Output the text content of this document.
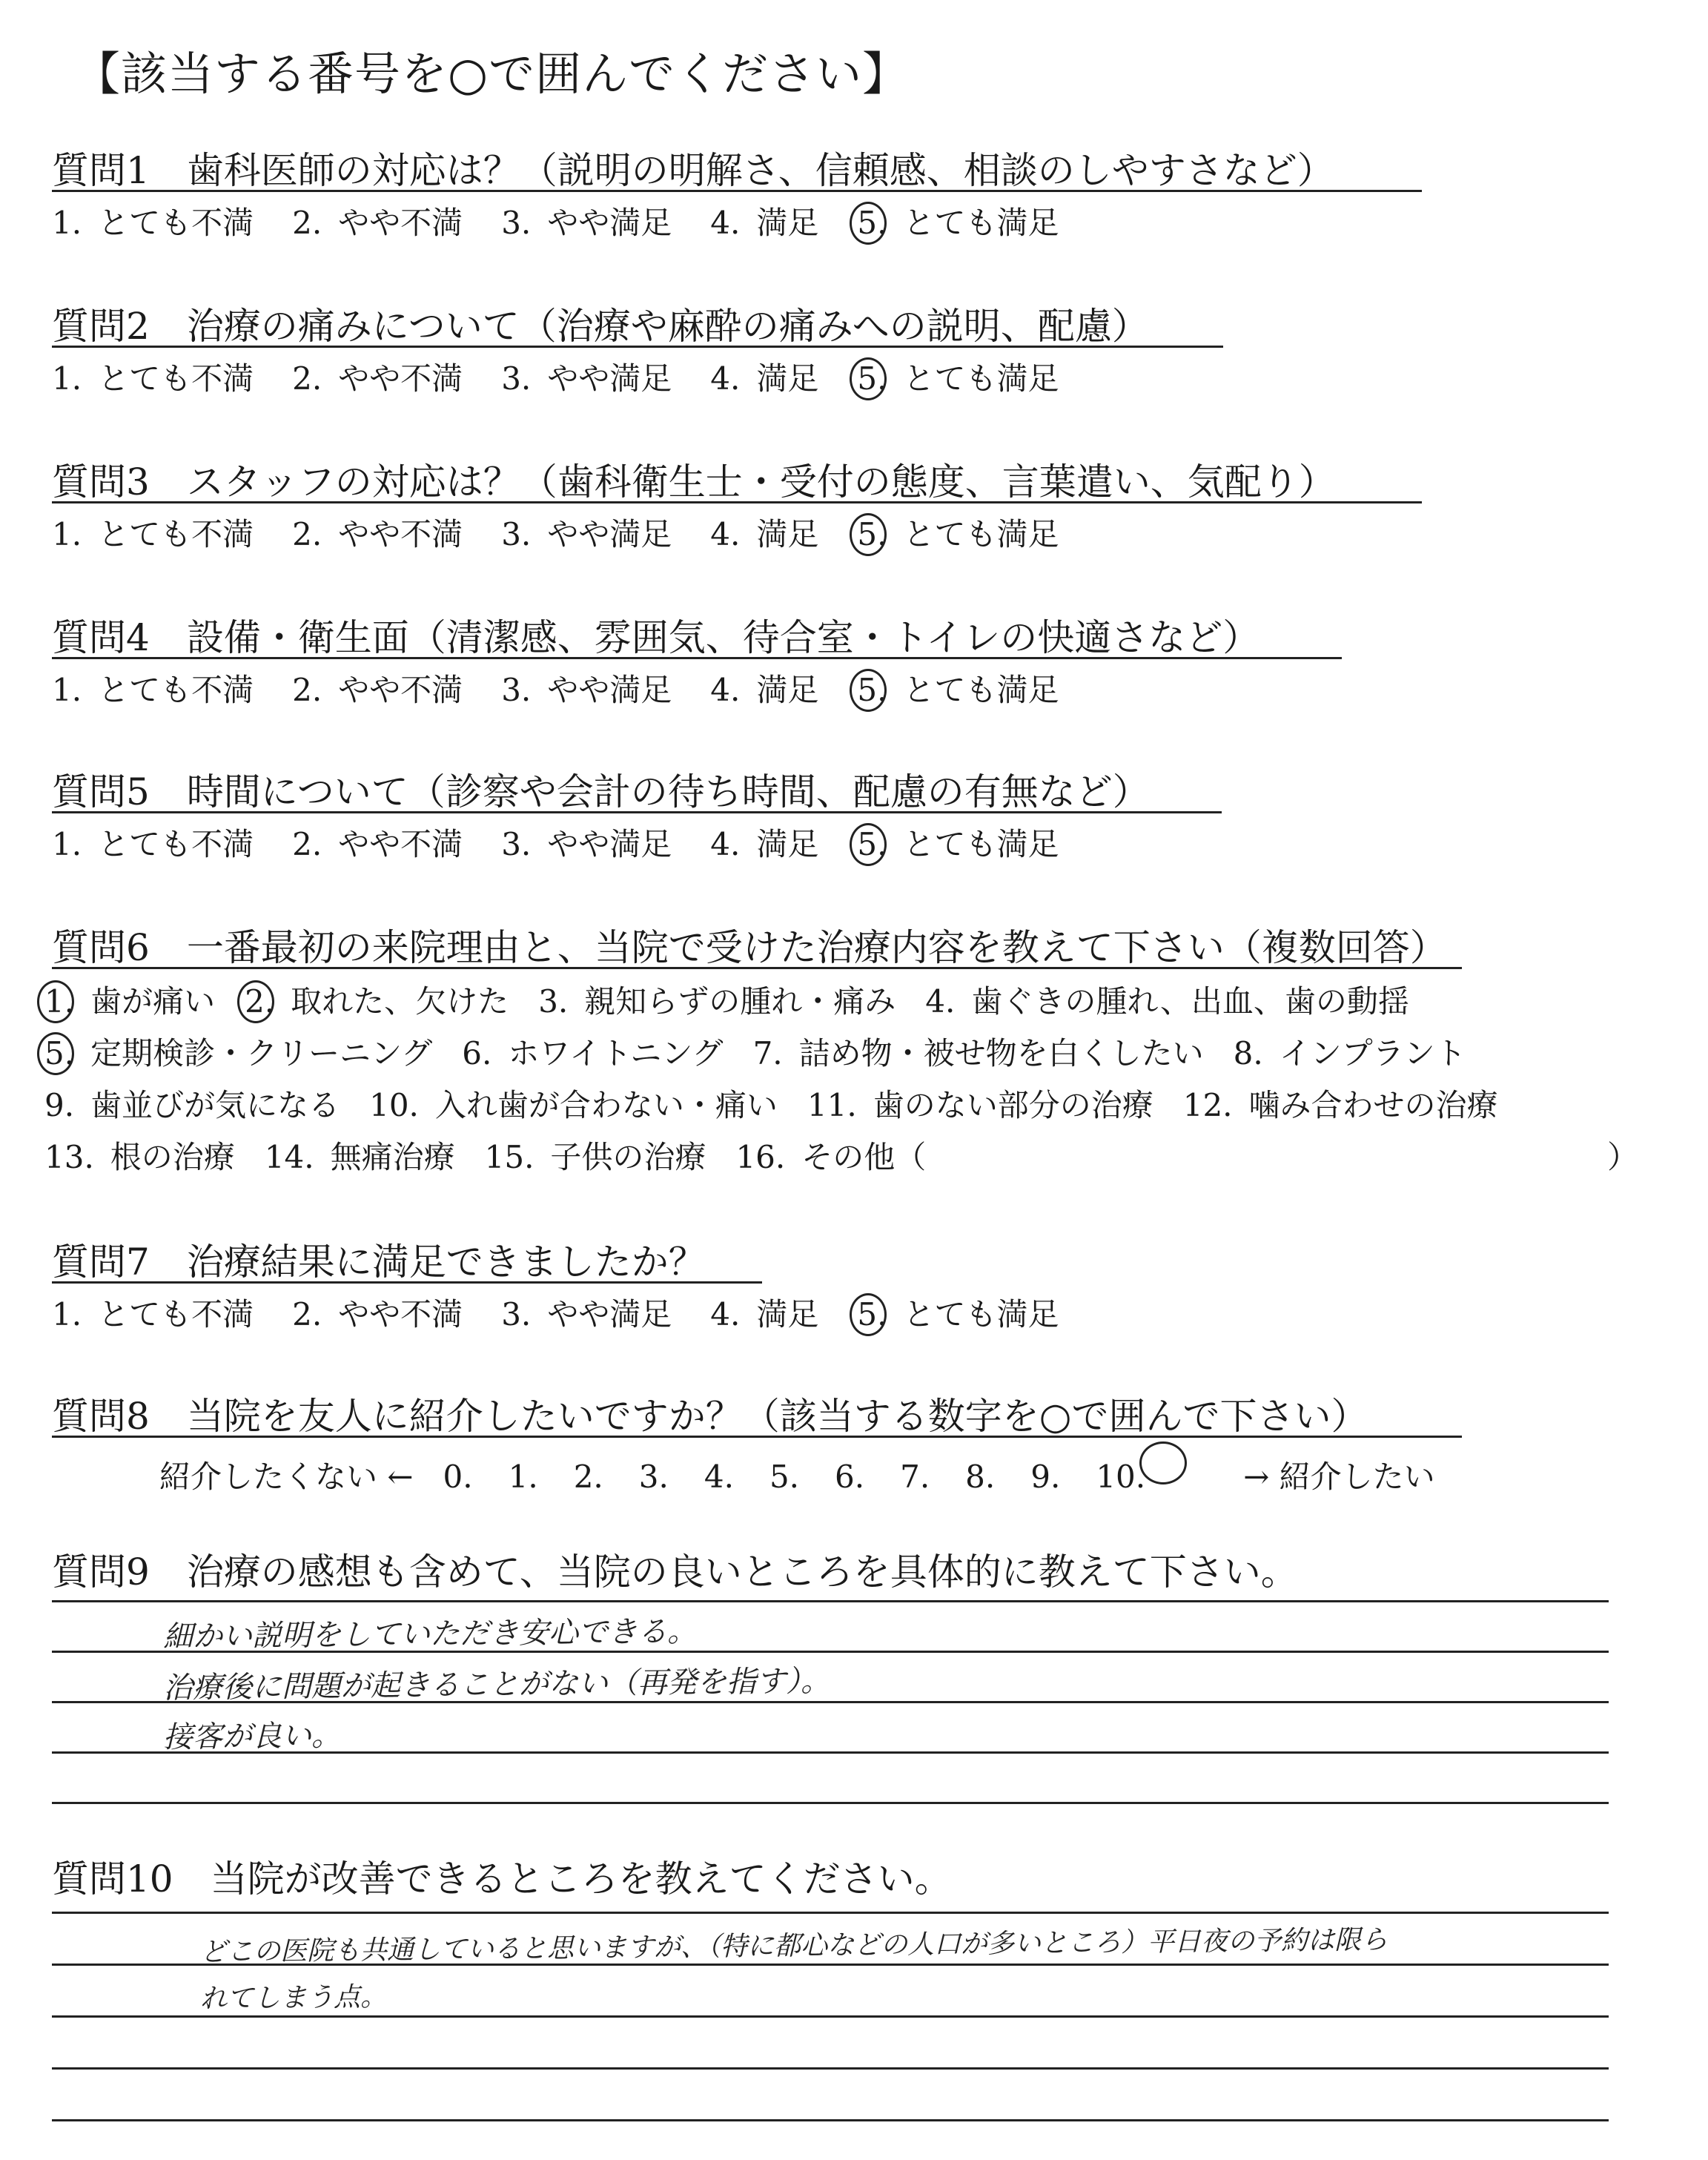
【該当する番号を○で囲んでください】
質問1 歯科医師の対応は？（説明の明解さ、信頼感、相談のしやすさなど）
1. とても不満 2. やや不満 3. やや満足 4. 満足 5. とても満足
質問2 治療の痛みについて（治療や麻酔の痛みへの説明、配慮）
1. とても不満 2. やや不満 3. やや満足 4. 満足 5. とても満足
質問3 スタッフの対応は？（歯科衛生士・受付の態度、言葉遣い、気配り）
1. とても不満 2. やや不満 3. やや満足 4. 満足 5. とても満足
質問4 設備・衛生面（清潔感、雰囲気、待合室・トイレの快適さなど）
1. とても不満 2. やや不満 3. やや満足 4. 満足 5. とても満足
質問5 時間について（診察や会計の待ち時間、配慮の有無など）
1. とても不満 2. やや不満 3. やや満足 4. 満足 5. とても満足
質問6 一番最初の来院理由と、当院で受けた治療内容を教えて下さい（複数回答）
1. 歯が痛い 2. 取れた、欠けた 3. 親知らずの腫れ・痛み 4. 歯ぐきの腫れ、出血、歯の動揺
5. 定期検診・クリーニング 6. ホワイトニング 7. 詰め物・被せ物を白くしたい 8. インプラント
9. 歯並びが気になる 10. 入れ歯が合わない・痛い 11. 歯のない部分の治療 12. 噛み合わせの治療
13. 根の治療 14. 無痛治療 15. 子供の治療 16. その他（	）
質問7 治療結果に満足できましたか？
1. とても不満 2. やや不満 3. やや満足 4. 満足 5. とても満足
質問8 当院を友人に紹介したいですか？（該当する数字を○で囲んで下さい）
紹介したくない ← 0. 1. 2. 3. 4. 5. 6. 7. 8. 9. 10.	→ 紹介したい
質問9 治療の感想も含めて、当院の良いところを具体的に教えて下さい。
細かい説明をしていただき安心できる。
治療後に問題が起きることがない（再発を指す）。
接客が良い。
質問10 当院が改善できるところを教えてください。
どこの医院も共通していると思いますが、（特に都心などの人口が多いところ）平日夜の予約は限ら
れてしまう点。
